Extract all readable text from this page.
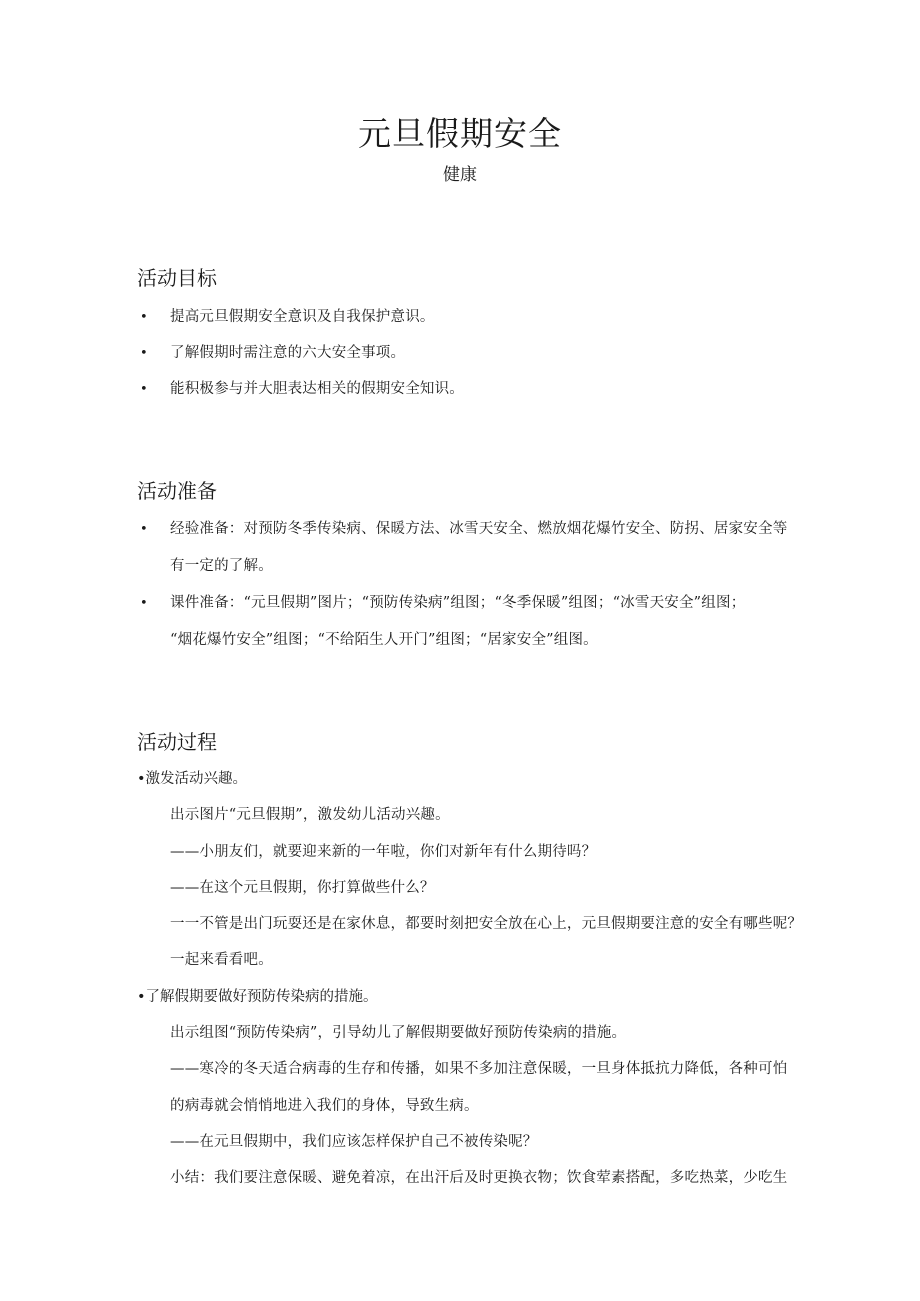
元旦假期安全
健康
活动目标
• 提高元旦假期安全意识及自我保护意识。
• 了解假期时需注意的六大安全事项。
• 能积极参与并大胆表达相关的假期安全知识。
活动准备
• 经验准备：对预防冬季传染病、保暖方法、冰雪天安全、燃放烟花爆竹安全、防拐、居家安全等
有一定的了解。
• 课件准备：“元旦假期”图片；“预防传染病”组图；“冬季保暖”组图；“冰雪天安全”组图；
“烟花爆竹安全”组图；“不给陌生人开门”组图；“居家安全”组图。
活动过程
•激发活动兴趣。
出示图片“元旦假期”，激发幼儿活动兴趣。
——小朋友们，就要迎来新的一年啦，你们对新年有什么期待吗？
——在这个元旦假期，你打算做些什么？
一一不管是出门玩耍还是在家休息，都要时刻把安全放在心上，元旦假期要注意的安全有哪些呢？
一起来看看吧。
•了解假期要做好预防传染病的措施。
出示组图“预防传染病”，引导幼儿了解假期要做好预防传染病的措施。
——寒冷的冬天适合病毒的生存和传播，如果不多加注意保暖，一旦身体抵抗力降低，各种可怕
的病毒就会悄悄地进入我们的身体，导致生病。
——在元旦假期中，我们应该怎样保护自己不被传染呢？
小结：我们要注意保暖、避免着凉，在出汗后及时更换衣物；饮食荤素搭配，多吃热菜，少吃生
